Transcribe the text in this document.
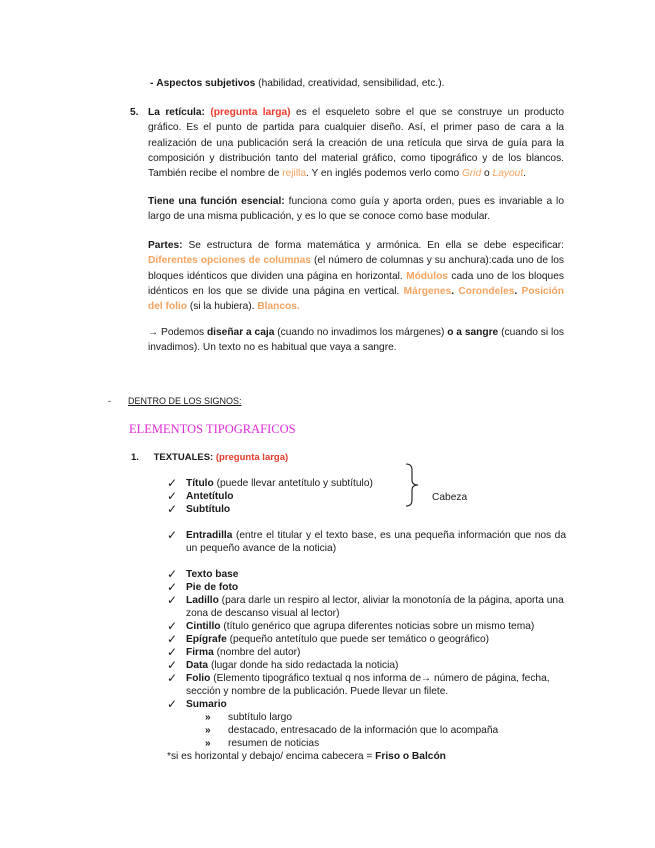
- Aspectos subjetivos (habilidad, creatividad, sensibilidad, etc.).
5. La retícula: (pregunta larga) es el esqueleto sobre el que se construye un producto gráfico. Es el punto de partida para cualquier diseño. Así, el primer paso de cara a la realización de una publicación será la creación de una retícula que sirva de guía para la composición y distribución tanto del material gráfico, como tipográfico y de los blancos. También recibe el nombre de rejilla. Y en inglés podemos verlo como Grid o Layout.
Tiene una función esencial: funciona como guía y aporta orden, pues es invariable a lo largo de una misma publicación, y es lo que se conoce como base modular.
Partes: Se estructura de forma matemática y armónica. En ella se debe especificar: Diferentes opciones de columnas (el número de columnas y su anchura):cada uno de los bloques idénticos que dividen una página en horizontal. Módulos cada uno de los bloques idénticos en los que se divide una página en vertical. Márgenes. Corondeles. Posición del folio (si la hubiera). Blancos.
→ Podemos diseñar a caja (cuando no invadimos los márgenes) o a sangre (cuando si los invadimos). Un texto no es habitual que vaya a sangre.
- DENTRO DE LOS SIGNOS:
ELEMENTOS TIPOGRAFICOS
1. TEXTUALES: (pregunta larga)
✓ Título (puede llevar antetítulo y subtítulo)
✓ Antetítulo
✓ Subtítulo
Cabeza
✓ Entradilla (entre el titular y el texto base, es una pequeña información que nos da un pequeño avance de la noticia)
✓ Texto base
✓ Pie de foto
✓ Ladillo (para darle un respiro al lector, aliviar la monotonía de la página, aporta una zona de descanso visual al lector)
✓ Cintillo (título genérico que agrupa diferentes noticias sobre un mismo tema)
✓ Epígrafe (pequeño antetítulo que puede ser temático o geográfico)
✓ Firma (nombre del autor)
✓ Data (lugar donde ha sido redactada la noticia)
✓ Folio (Elemento tipográfico textual q nos informa de→ número de página, fecha, sección y nombre de la publicación. Puede llevar un filete.
✓ Sumario
» subtítulo largo
» destacado, entresacado de la información que lo acompaña
» resumen de noticias
*si es horizontal y debajo/ encima cabecera = Friso o Balcón
